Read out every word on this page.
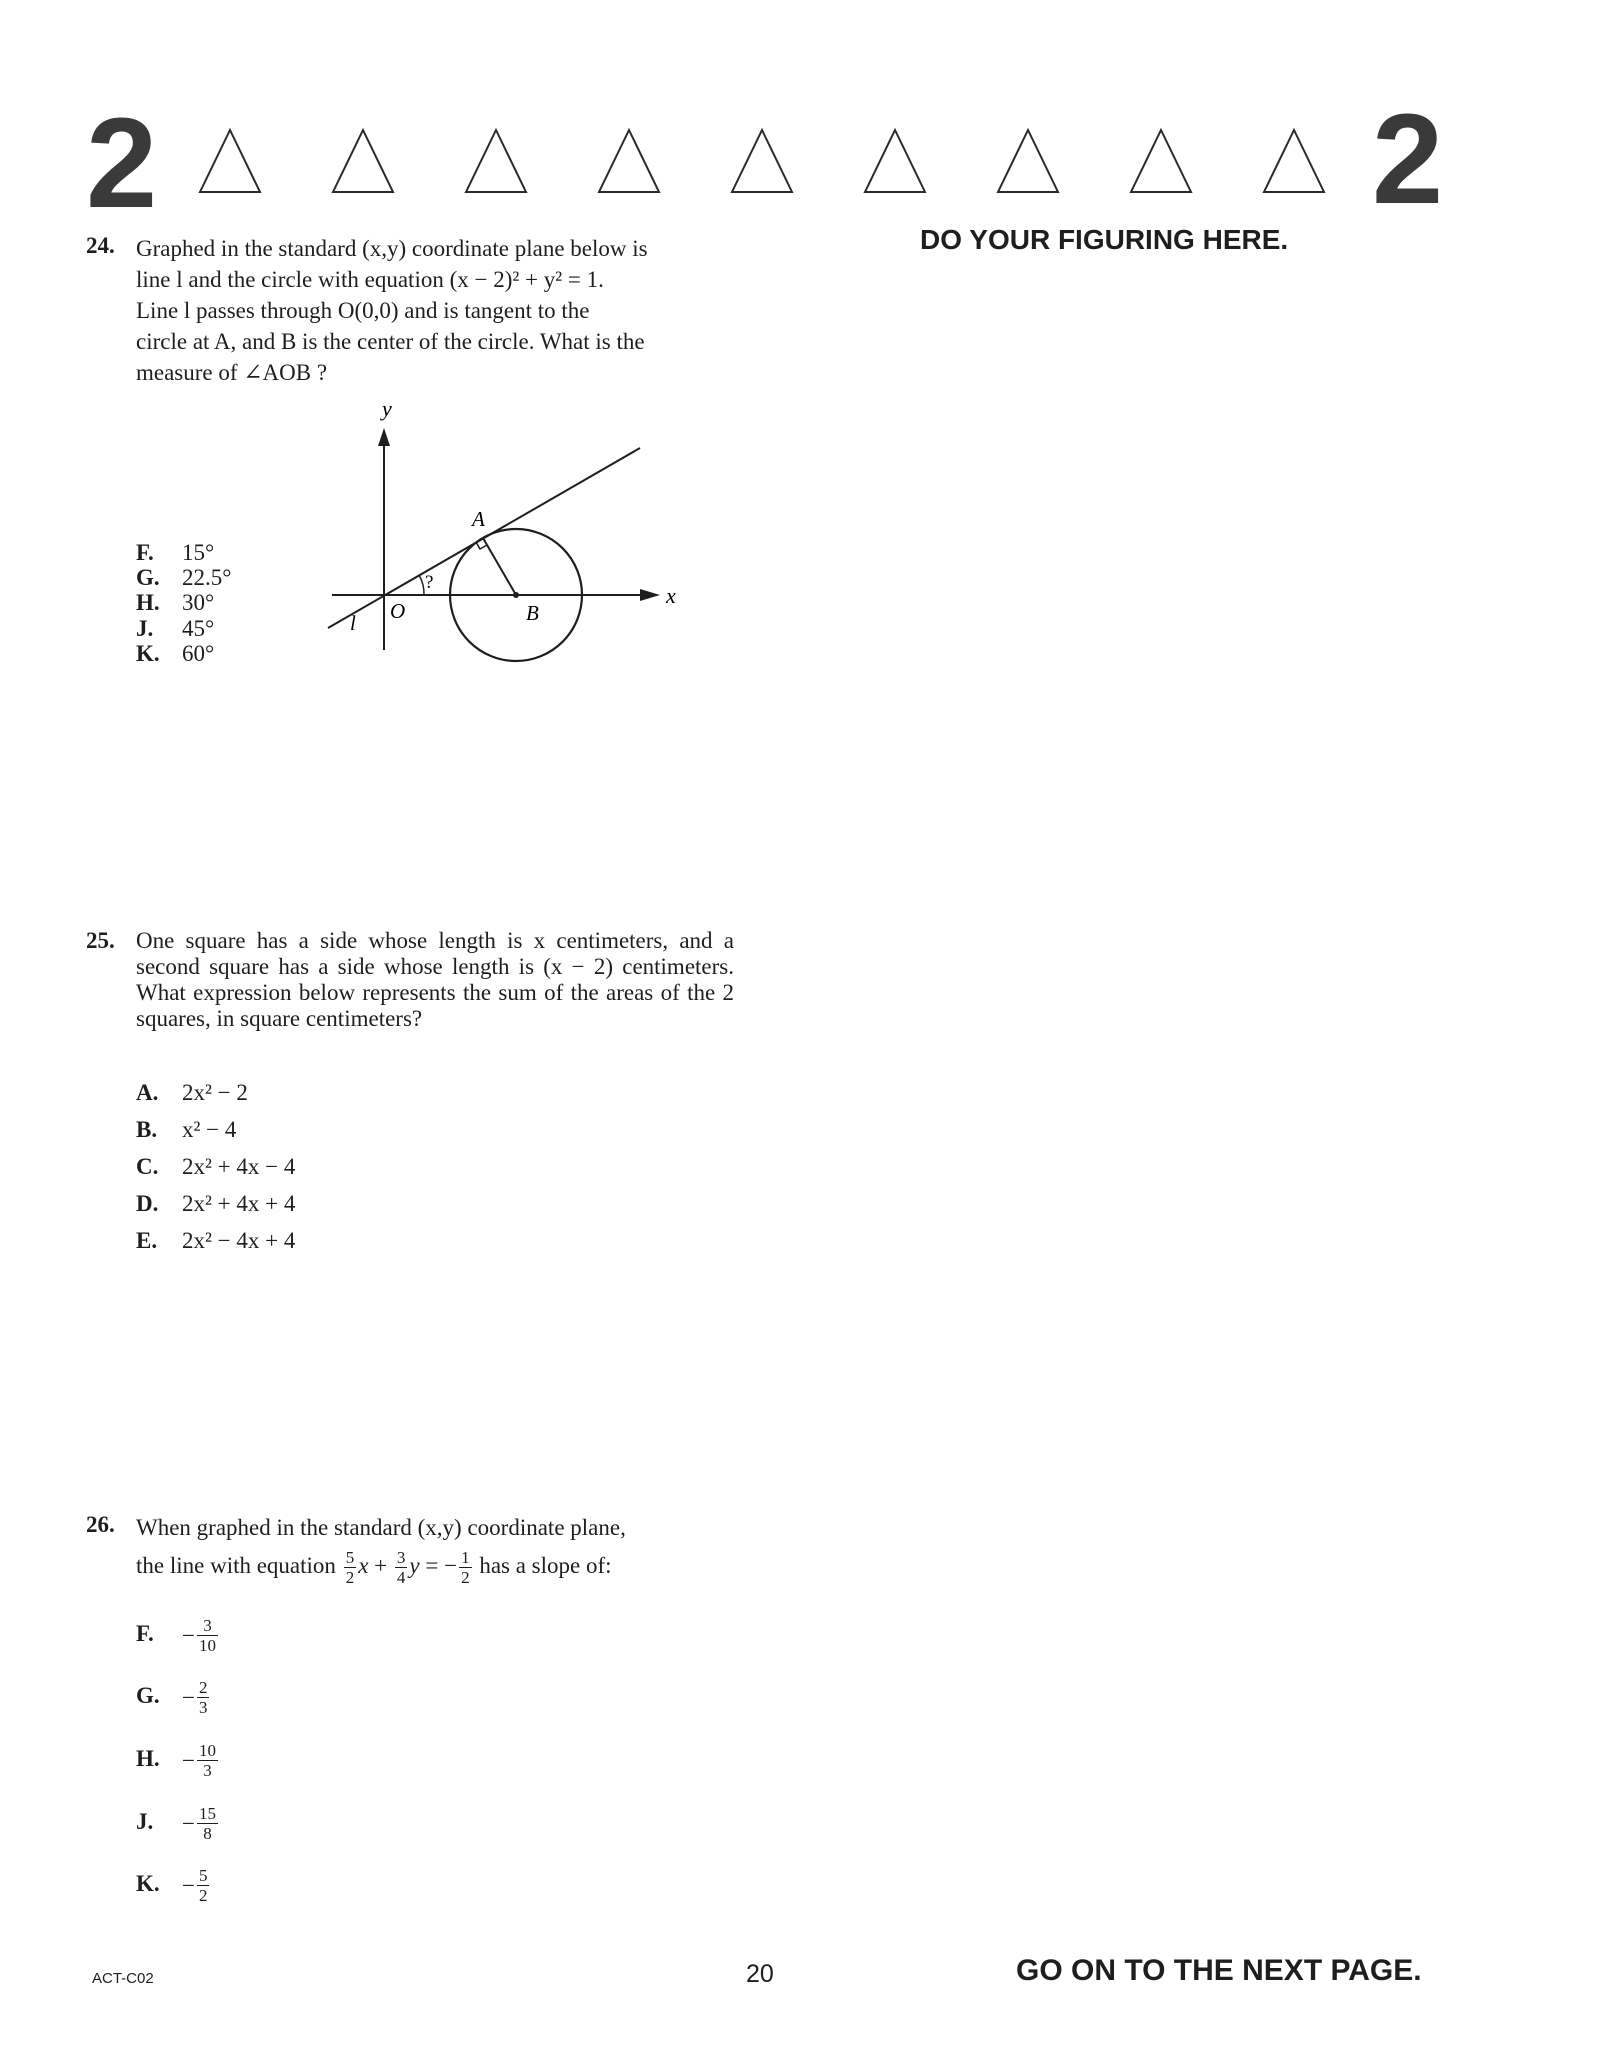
2	2
DO YOUR FIGURING HERE.
24. Graphed in the standard (x,y) coordinate plane below is
line l and the circle with equation (x − 2)² + y² = 1.
Line l passes through O(0,0) and is tangent to the
circle at A, and B is the center of the circle. What is the
measure of ∠AOB ?
F. 15°
G. 22.5°
H. 30°
J. 45°
K. 60°
y
x
A
O	B
l
?
25. One square has a side whose length is x centimeters, and a second square has a side whose length is (x − 2) centimeters. What expression below represents the sum of the areas of the 2 squares, in square centimeters?
A. 2x² − 2
B. x² − 4
C. 2x² + 4x − 4
D. 2x² + 4x + 4
E. 2x² − 4x + 4
26. When graphed in the standard (x,y) coordinate plane,
the line with equation $\frac{5}{2}$ $x + \frac{3}{4}$ y = − $\frac{1}{2}$ has a slope of:
F. − $\frac{3}{10}$
G. − $\frac{2}{3}$
H. − $\frac{10}{3}$
J. − $\frac{15}{8}$
K. − $\frac{5}{2}$
ACT-C02	20	GO ON TO THE NEXT PAGE.
